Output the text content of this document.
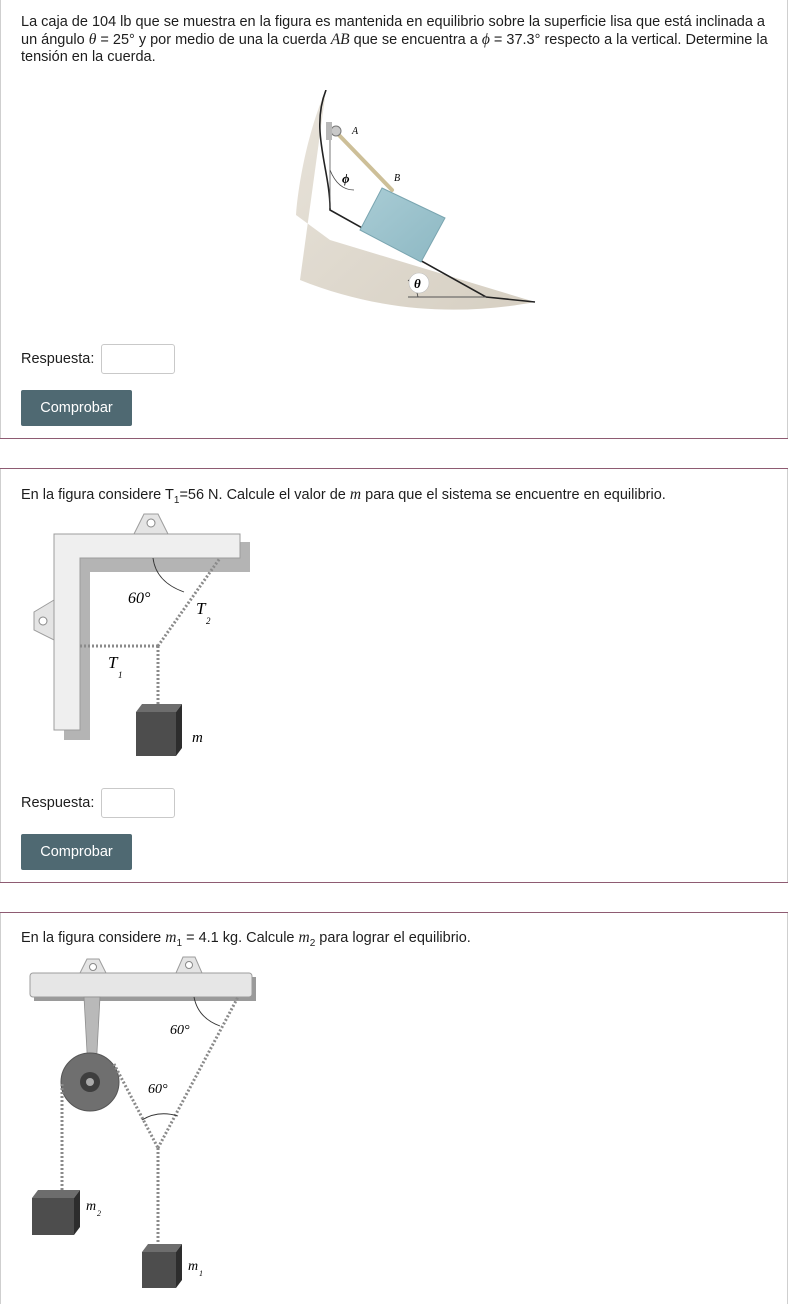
La caja de 104 lb que se muestra en la figura es mantenida en equilibrio sobre la superficie lisa que está inclinada a un ángulo θ = 25° y por medio de una la cuerda AB que se encuentra a ϕ = 37.3° respecto a la vertical. Determine la tensión en la cuerda.

A
ϕ	B
θ
Respuesta:
Comprobar

En la figura considere $T_1=56$ N. Calcule el valor de m para que el sistema se encuentre en equilibrio.

60°
T
2
T
1
m
Respuesta:
Comprobar

En la figura considere $m_1 = 4.1$ kg. Calcule $m_2$ para lograr el equilibrio.

60°
60°
m 2
m 1
